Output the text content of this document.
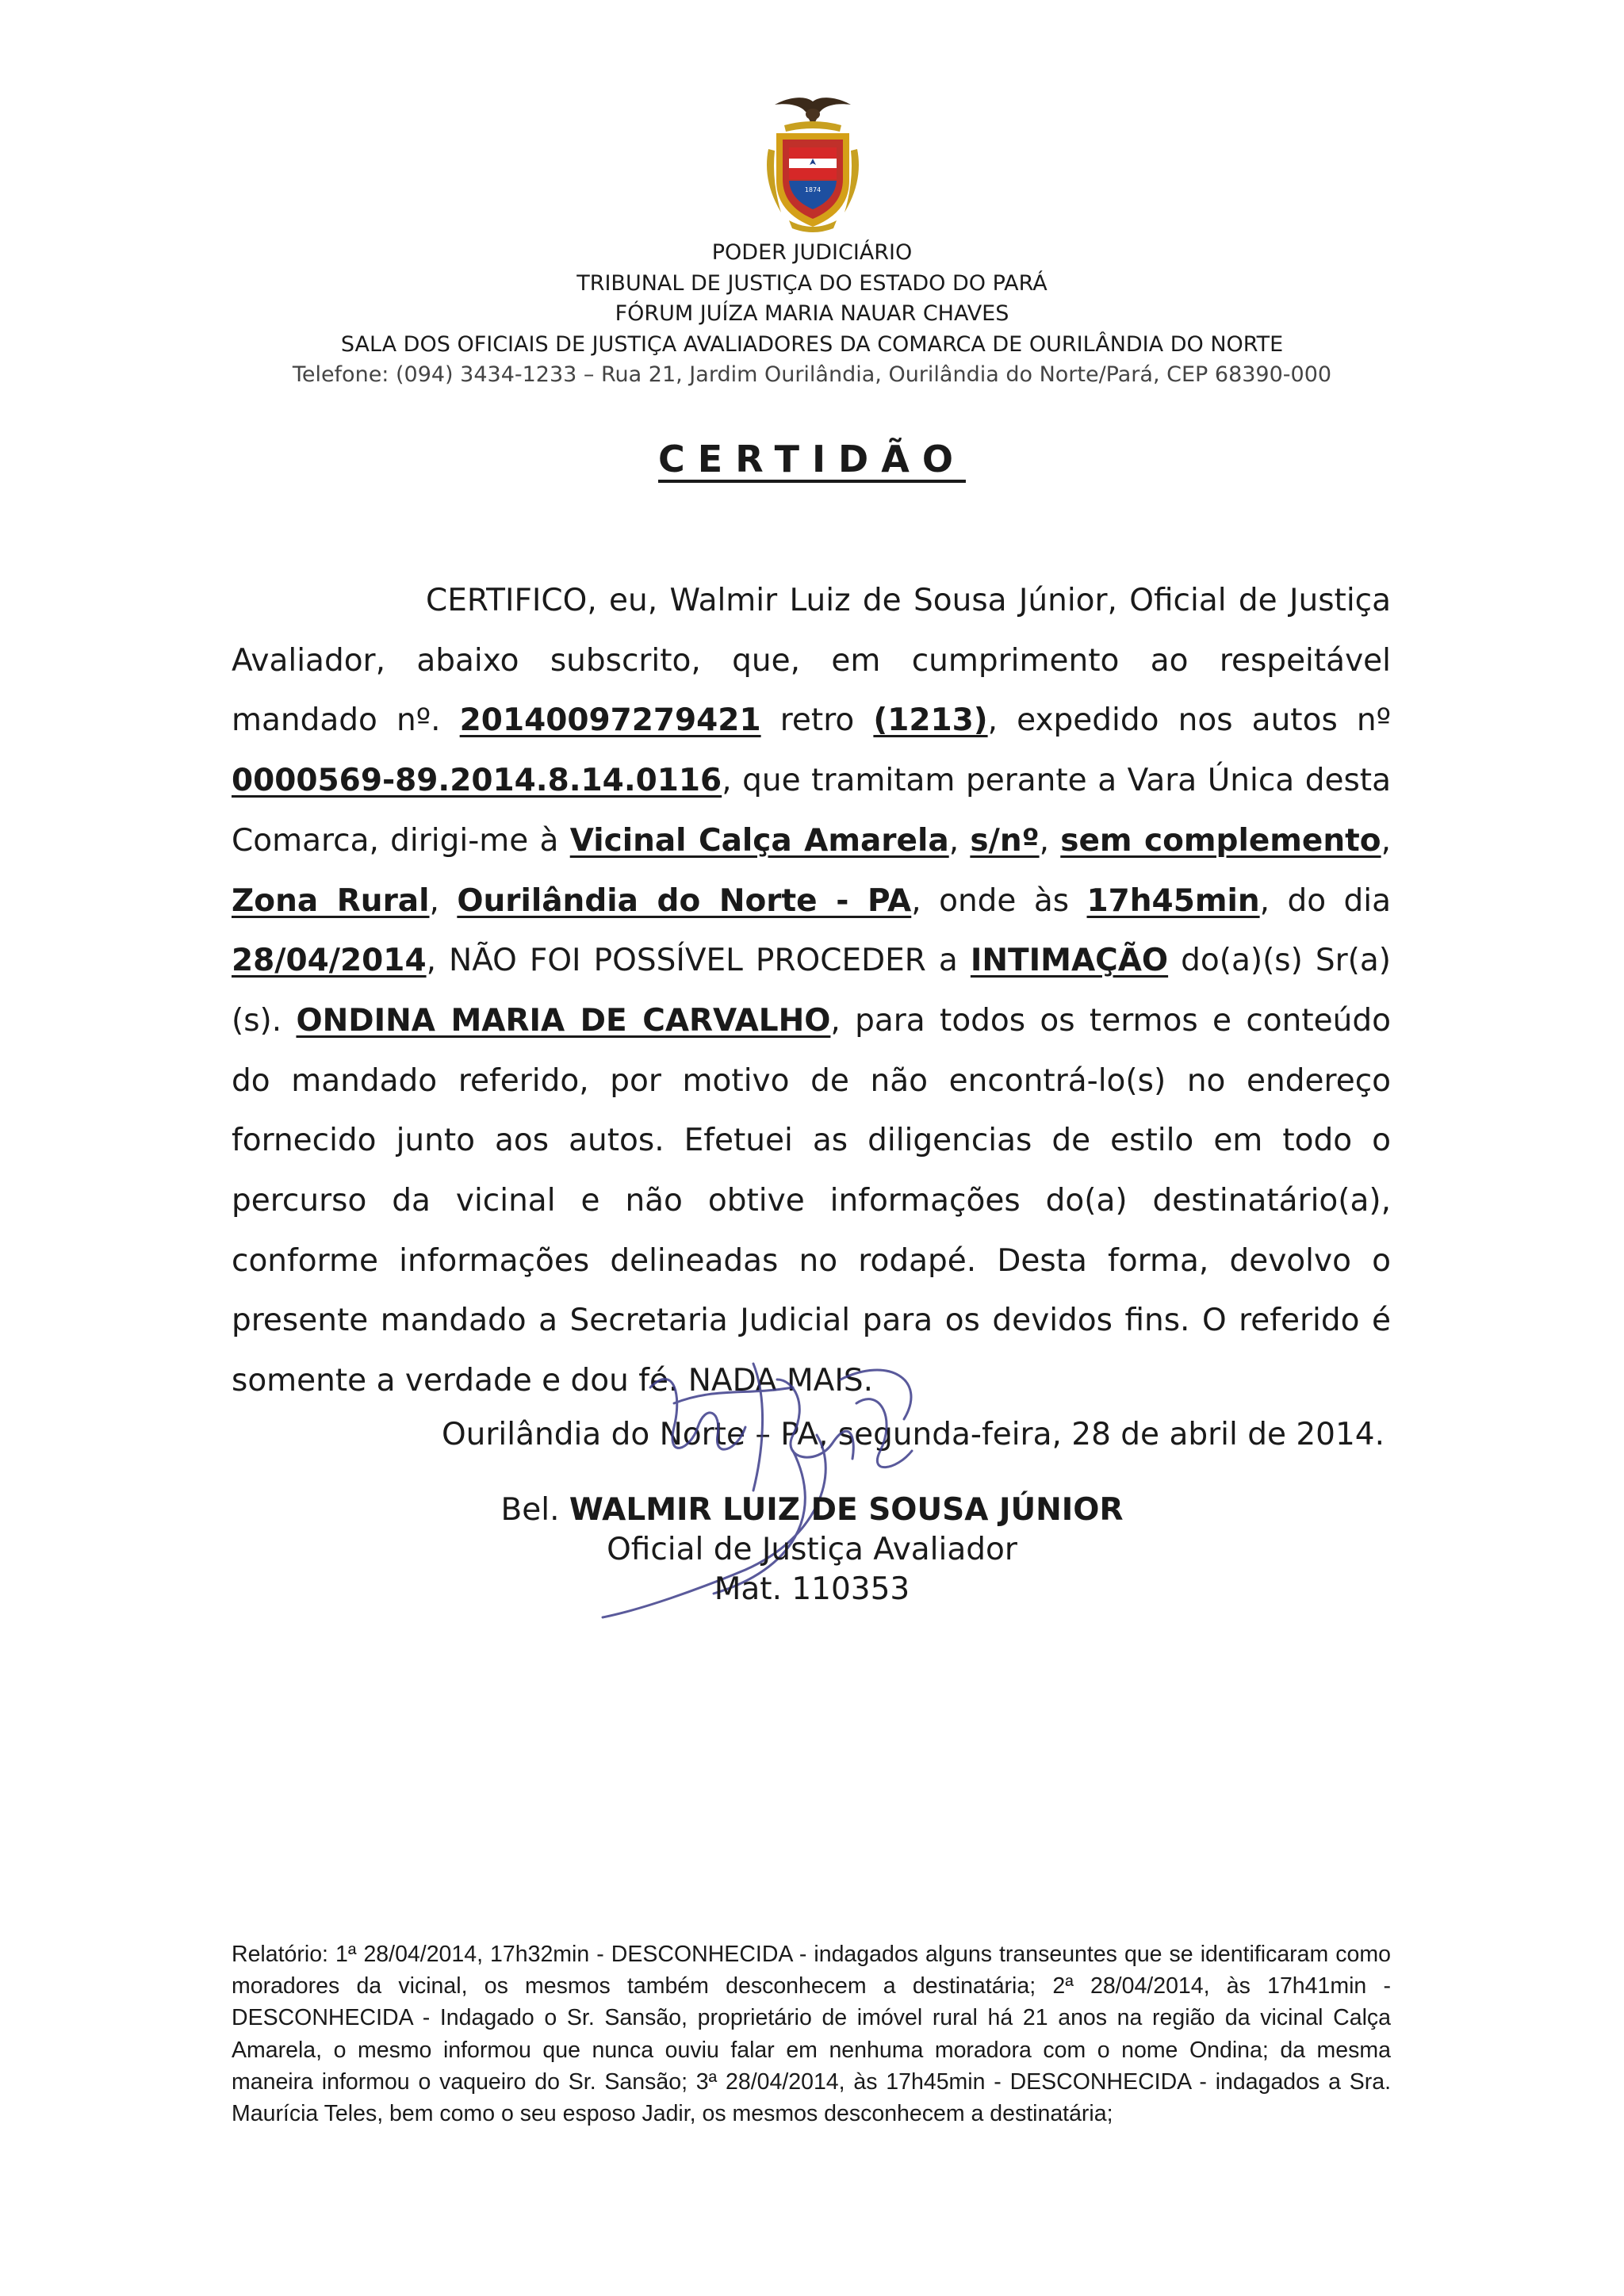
1874
PODER JUDICIÁRIO
TRIBUNAL DE JUSTIÇA DO ESTADO DO PARÁ
FÓRUM JUÍZA MARIA NAUAR CHAVES
SALA DOS OFICIAIS DE JUSTIÇA AVALIADORES DA COMARCA DE OURILÂNDIA DO NORTE
Telefone: (094) 3434-1233 – Rua 21, Jardim Ourilândia, Ourilândia do Norte/Pará, CEP 68390-000
CERTIDÃO

CERTIFICO, eu, Walmir Luiz de Sousa Júnior, Oficial de Justiça Avaliador, abaixo subscrito, que, em cumprimento ao respeitável mandado nº. 20140097279421 retro (1213), expedido nos autos nº 0000569-89.2014.8.14.0116, que tramitam perante a Vara Única desta Comarca, dirigi-me à Vicinal Calça Amarela, s/nº, sem complemento, Zona Rural, Ourilândia do Norte - PA, onde às 17h45min, do dia 28/04/2014, NÃO FOI POSSÍVEL PROCEDER a INTIMAÇÃO do(a)(s) Sr(a)(s). ONDINA MARIA DE CARVALHO, para todos os termos e conteúdo do mandado referido, por motivo de não encontrá-lo(s) no endereço fornecido junto aos autos. Efetuei as diligencias de estilo em todo o percurso da vicinal e não obtive informações do(a) destinatário(a), conforme informações delineadas no rodapé. Desta forma, devolvo o presente mandado a Secretaria Judicial para os devidos fins. O referido é somente a verdade e dou fé. NADA MAIS.

Ourilândia do Norte – PA, segunda-feira, 28 de abril de 2014.
Bel. WALMIR LUIZ DE SOUSA JÚNIOR
Oficial de Justiça Avaliador
Mat. 110353

Relatório: 1ª 28/04/2014, 17h32min - DESCONHECIDA - indagados alguns transeuntes que se identificaram como moradores da vicinal, os mesmos também desconhecem a destinatária; 2ª 28/04/2014, às 17h41min - DESCONHECIDA - Indagado o Sr. Sansão, proprietário de imóvel rural há 21 anos na região da vicinal Calça Amarela, o mesmo informou que nunca ouviu falar em nenhuma moradora com o nome Ondina; da mesma maneira informou o vaqueiro do Sr. Sansão; 3ª 28/04/2014, às 17h45min - DESCONHECIDA - indagados a Sra. Maurícia Teles, bem como o seu esposo Jadir, os mesmos desconhecem a destinatária;
